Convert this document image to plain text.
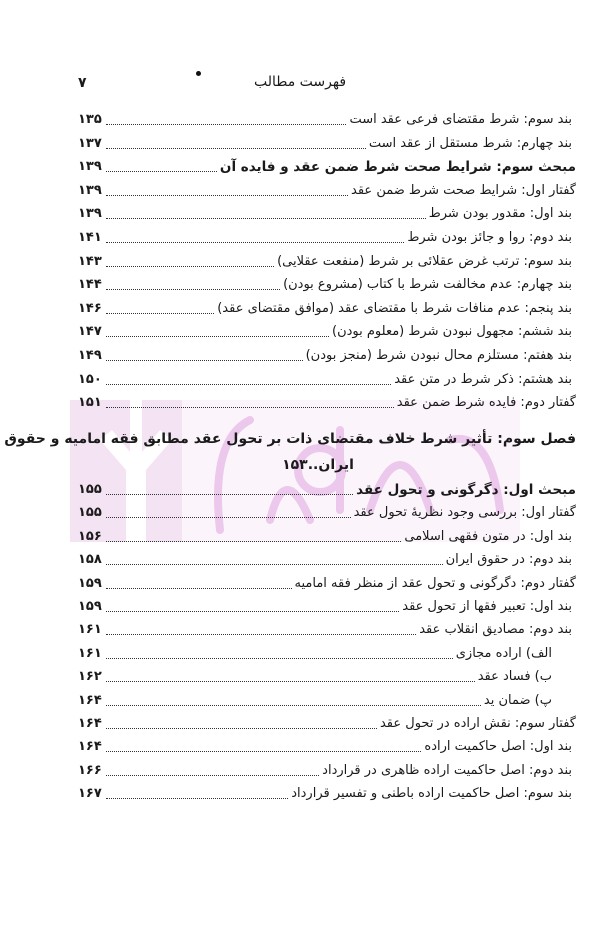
فهرست مطالب
۷
بند سوم: شرط مقتضای فرعی عقد است
۱۳۵
بند چهارم: شرط مستقل از عقد است
۱۳۷
مبحث سوم: شرایط صحت شرط ضمن عقد و فایده آن
۱۳۹
گفتار اول: شرایط صحت شرط ضمن عقد
۱۳۹
بند اول: مقدور بودن شرط
۱۳۹
بند دوم: روا و جائز بودن شرط
۱۴۱
بند سوم: ترتب غرض عقلائی بر شرط (منفعت عقلایی)
۱۴۳
بند چهارم: عدم مخالفت شرط با کتاب (مشروع بودن)
۱۴۴
بند پنجم: عدم منافات شرط با مقتضای عقد (موافق مقتضای عقد)
۱۴۶
بند ششم: مجهول نبودن شرط (معلوم بودن)
۱۴۷
بند هفتم: مستلزم محال نبودن شرط (منجز بودن)
۱۴۹
بند هشتم: ذکر شرط در متن عقد
۱۵۰
گفتار دوم: فایده شرط ضمن عقد
۱۵۱
مبحث اول: دگرگونی و تحول عقد
۱۵۵
گفتار اول: بررسی وجود نظریهٔ تحول عقد
۱۵۵
بند اول: در متون فقهی اسلامی
۱۵۶
بند دوم: در حقوق ایران
۱۵۸
گفتار دوم: دگرگونی و تحول عقد از منظر فقه امامیه
۱۵۹
بند اول: تعبیر فقها از تحول عقد
۱۵۹
بند دوم: مصادیق انقلاب عقد
۱۶۱
الف) اراده مجازی
۱۶۱
ب) فساد عقد
۱۶۲
پ) ضمان ید
۱۶۴
گفتار سوم: نقش اراده در تحول عقد
۱۶۴
بند اول: اصل حاکمیت اراده
۱۶۴
بند دوم: اصل حاکمیت اراده ظاهری در قرارداد
۱۶۶
بند سوم: اصل حاکمیت اراده باطنی و تفسیر قرارداد
۱۶۷
فصل سوم: تأثیر شرط خلاف مقتضای ذات بر تحول عقد مطابق فقه امامیه و حقوق
ایران..۱۵۳
